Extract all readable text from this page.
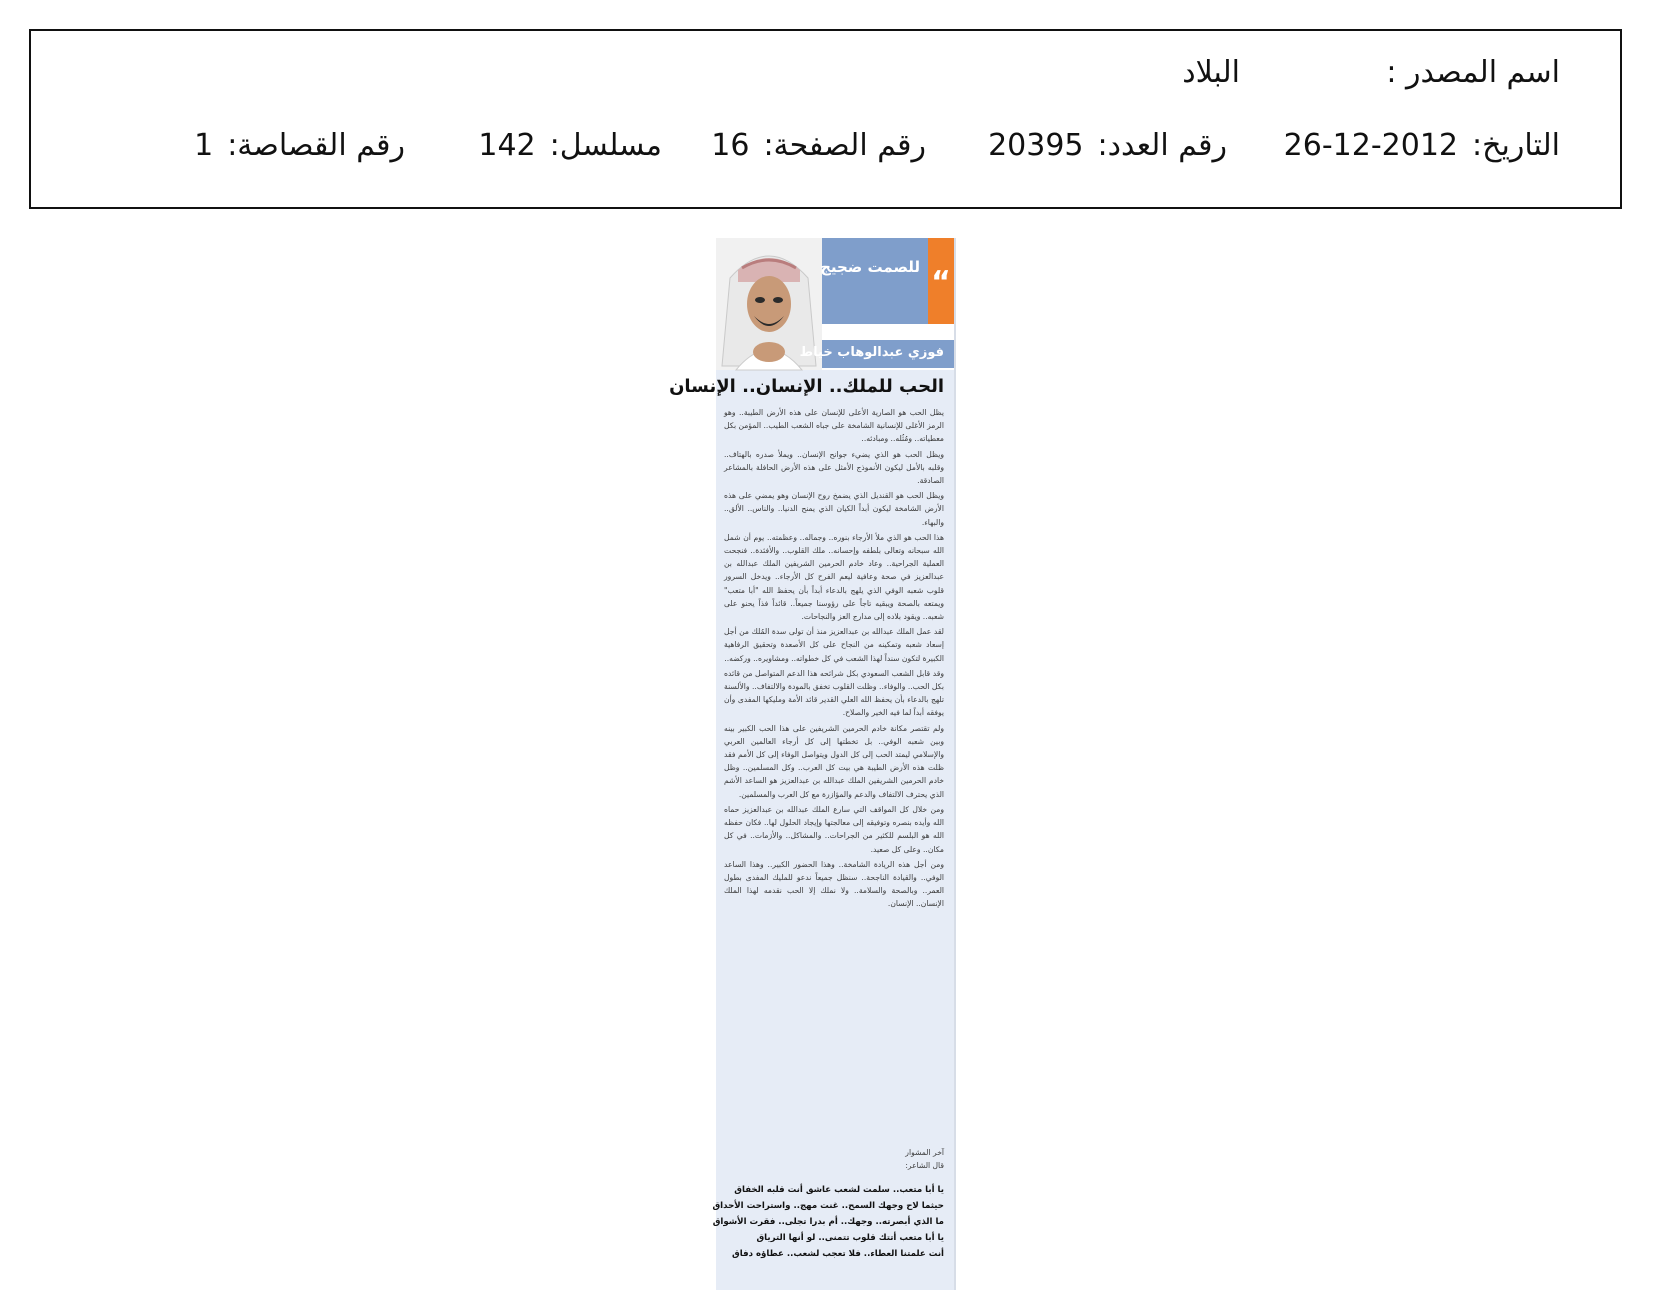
اسم المصدر :
البلاد
التاريخ:26-12-2012
رقم العدد:20395
رقم الصفحة:16
مسلسل:142
رقم القصاصة:1
للصمت ضجيج “
فوزي عبدالوهاب خياط
الحب للملك.. الإنسان.. الإنسان

يظل الحب هو الصارية الأعلى للإنسان على هذه الأرض الطيبة.. وهو الرمز الأغلى للإنسانية الشامخة على جباه الشعب الطيب.. المؤمن بكل معطياته.. ومُثُله.. ومبادئه..

ويظل الحب هو الذي يضيء جوانح الإنسان.. ويملأ صدره بالهتاف.. وقلبه بالأمل ليكون الأنموذج الأمثل على هذه الأرض الحافلة بالمشاعر الصادقة.

ويظل الحب هو القنديل الذي يضمخ روح الإنسان وهو يمضي على هذه الأرض الشامخة ليكون أبداً الكيان الذي يمنح الدنيا.. والناس.. الألق.. والبهاء.

هذا الحب هو الذي ملأ الأرجاء بنوره.. وجماله.. وعظمته.. يوم أن شمل الله سبحانه وتعالى بلطفه وإحسانه.. ملك القلوب.. والأفئدة.. فنجحت العملية الجراحية.. وعاد خادم الحرمين الشريفين الملك عبدالله بن عبدالعزيز في صحة وعافية ليعم الفرح كل الأرجاء.. ويدخل السرور قلوب شعبه الوفي الذي يلهج بالدعاء أبداً بأن يحفظ الله "أبا متعب" ويمتعه بالصحة ويبقيه تاجاً على رؤوسنا جميعاً.. قائداً فذاً يحنو على شعبه.. ويقود بلاده إلى مدارج العز والنجاحات.

لقد عمل الملك عبدالله بن عبدالعزيز منذ أن تولى سدة المُلك من أجل إسعاد شعبه وتمكينه من النجاح على كل الأصعدة وتحقيق الرفاهية الكبيرة لتكون سنداً لهذا الشعب في كل خطواته.. ومشاويره.. وركضه..

وقد قابل الشعب السعودي بكل شرائحه هذا الدعم المتواصل من قائده بكل الحب.. والوفاء.. وظلت القلوب تخفق بالمودة والالتفاف.. والألسنة تلهج بالدعاء بأن يحفظ الله العلي القدير قائد الأمة ومليكها المفدى وأن يوفقه أبداً لما فيه الخير والصلاح.

ولم تقتصر مكانة خادم الحرمين الشريفين على هذا الحب الكبير بينه وبين شعبه الوفي.. بل تخطتها إلى كل أرجاء العالمين العربي والإسلامي ليمتد الحب إلى كل الدول ويتواصل الوفاء إلى كل الأمم فقد ظلت هذه الأرض الطيبة هي بيت كل العرب.. وكل المسلمين.. وظل خادم الحرمين الشريفين الملك عبدالله بن عبدالعزيز هو الساعد الأشم الذي يحترف الالتفاف والدعم والمؤازرة مع كل العرب والمسلمين.

ومن خلال كل المواقف التي سارع الملك عبدالله بن عبدالعزيز حماه الله وأيده بنصره وتوفيقه إلى معالجتها وإيجاد الحلول لها.. فكان حفظه الله هو البلسم للكثير من الجراحات.. والمشاكل.. والأزمات.. في كل مكان.. وعلى كل صعيد.

ومن أجل هذه الريادة الشامخة.. وهذا الحضور الكبير.. وهذا الساعد الوفي.. والقيادة الناجحة.. سنظل جميعاً ندعو للمليك المفدى بطول العمر.. وبالصحة والسلامة.. ولا نملك إلا الحب نقدمه لهذا الملك الإنسان.. الإنسان.

آخر المشوار

قال الشاعر:

يا أبا متعب.. سلمت لشعب عاشق أنت قلبه الخفاق
حيثما لاح وجهك السمح.. غنت مهج.. واستراحت الأحداق
ما الذي أبصرته.. وجهك.. أم بدرا تجلى.. فقرت الأشواق
يا أبا متعب أتتك قلوب تتمنى.. لو أنها الترياق
أنت علمتنا العطاء.. فلا تعجب لشعب.. عطاؤه دفاق
